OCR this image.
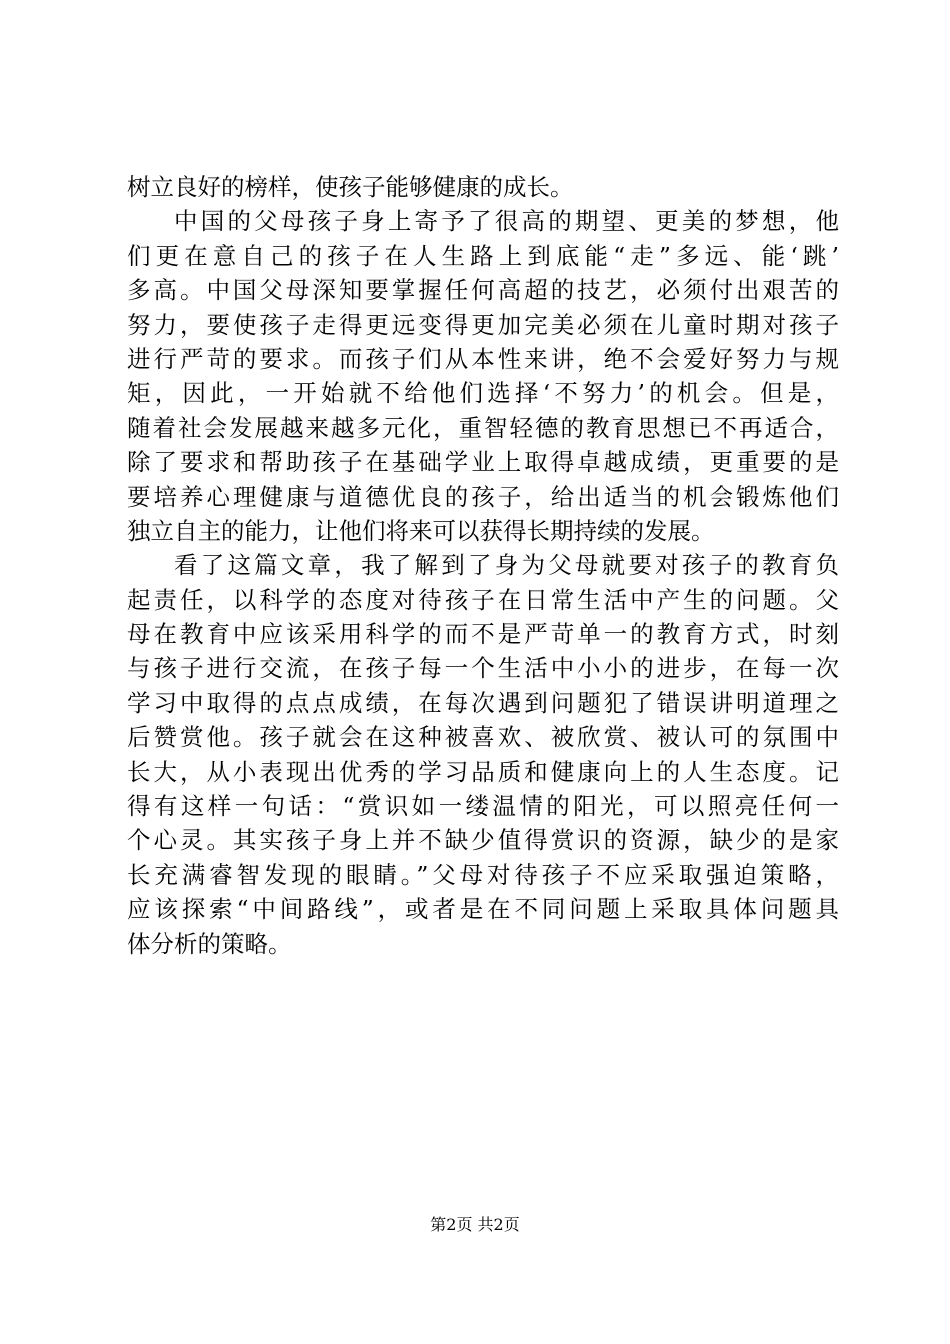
树立良好的榜样，使孩子能够健康的成长。
中国的父母孩子身上寄予了很高的期望、更美的梦想，他
们更在意自己的孩子在人生路上到底能“走”多远、能‘跳’
多高。中国父母深知要掌握任何高超的技艺，必须付出艰苦的
努力，要使孩子走得更远变得更加完美必须在儿童时期对孩子
进行严苛的要求。而孩子们从本性来讲，绝不会爱好努力与规
矩，因此，一开始就不给他们选择‘不努力’的机会。但是，
随着社会发展越来越多元化，重智轻德的教育思想已不再适合，
除了要求和帮助孩子在基础学业上取得卓越成绩，更重要的是
要培养心理健康与道德优良的孩子，给出适当的机会锻炼他们
独立自主的能力，让他们将来可以获得长期持续的发展。
看了这篇文章，我了解到了身为父母就要对孩子的教育负
起责任，以科学的态度对待孩子在日常生活中产生的问题。父
母在教育中应该采用科学的而不是严苛单一的教育方式，时刻
与孩子进行交流，在孩子每一个生活中小小的进步，在每一次
学习中取得的点点成绩，在每次遇到问题犯了错误讲明道理之
后赞赏他。孩子就会在这种被喜欢、被欣赏、被认可的氛围中
长大，从小表现出优秀的学习品质和健康向上的人生态度。记
得有这样一句话：“赏识如一缕温情的阳光，可以照亮任何一
个心灵。其实孩子身上并不缺少值得赏识的资源，缺少的是家
长充满睿智发现的眼睛。”父母对待孩子不应采取强迫策略，
应该探索“中间路线”，或者是在不同问题上采取具体问题具
体分析的策略。
第2页 共2页
